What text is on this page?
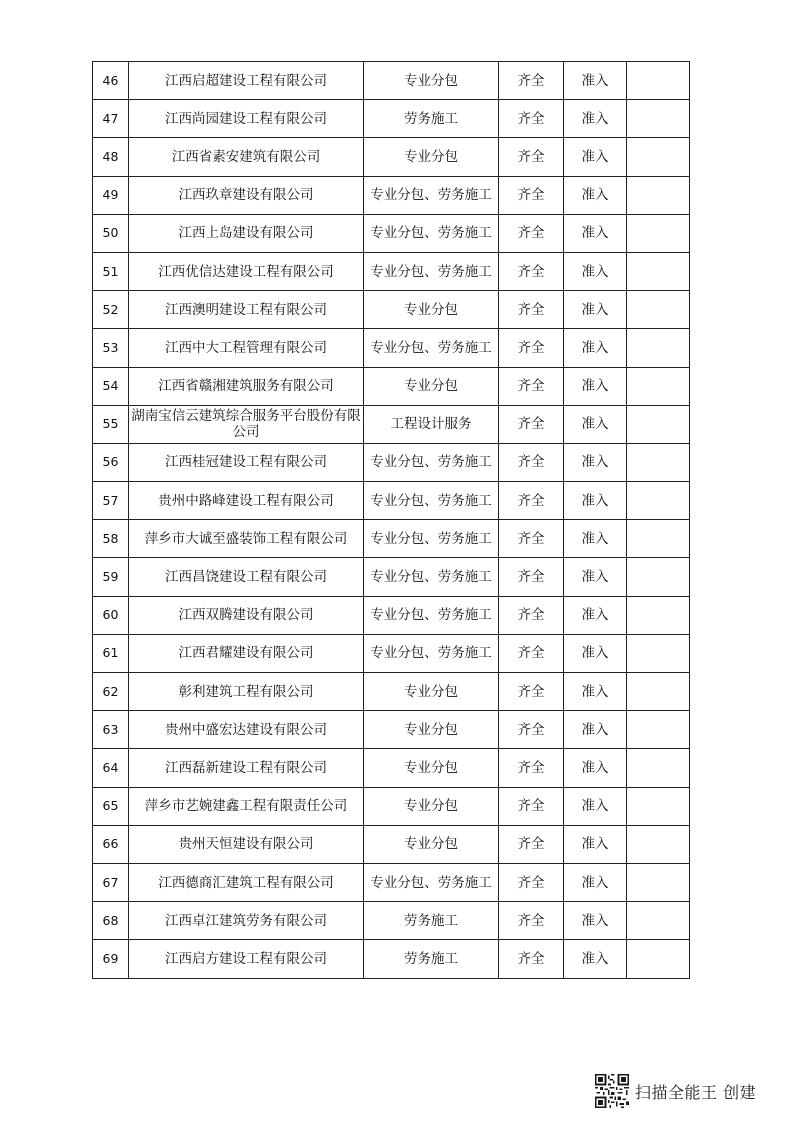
46	江西启超建设工程有限公司	专业分包	齐全	准入	
47	江西尚园建设工程有限公司	劳务施工	齐全	准入	
48	江西省素安建筑有限公司	专业分包	齐全	准入	
49	江西玖章建设有限公司	专业分包、劳务施工	齐全	准入	
50	江西上岛建设有限公司	专业分包、劳务施工	齐全	准入	
51	江西优信达建设工程有限公司	专业分包、劳务施工	齐全	准入	
52	江西澳明建设工程有限公司	专业分包	齐全	准入	
53	江西中大工程管理有限公司	专业分包、劳务施工	齐全	准入	
54	江西省赣湘建筑服务有限公司	专业分包	齐全	准入	
55	湖南宝信云建筑综合服务平台股份有限公司	工程设计服务	齐全	准入	
56	江西桂冠建设工程有限公司	专业分包、劳务施工	齐全	准入	
57	贵州中路峰建设工程有限公司	专业分包、劳务施工	齐全	准入	
58	萍乡市大诚至盛装饰工程有限公司	专业分包、劳务施工	齐全	准入	
59	江西昌饶建设工程有限公司	专业分包、劳务施工	齐全	准入	
60	江西双腾建设有限公司	专业分包、劳务施工	齐全	准入	
61	江西君耀建设有限公司	专业分包、劳务施工	齐全	准入	
62	彰利建筑工程有限公司	专业分包	齐全	准入	
63	贵州中盛宏达建设有限公司	专业分包	齐全	准入	
64	江西磊新建设工程有限公司	专业分包	齐全	准入	
65	萍乡市艺婉建鑫工程有限责任公司	专业分包	齐全	准入	
66	贵州天恒建设有限公司	专业分包	齐全	准入	
67	江西德商汇建筑工程有限公司	专业分包、劳务施工	齐全	准入	
68	江西卓江建筑劳务有限公司	劳务施工	齐全	准入	
69	江西启方建设工程有限公司	劳务施工	齐全	准入	
扫描全能王 创建
